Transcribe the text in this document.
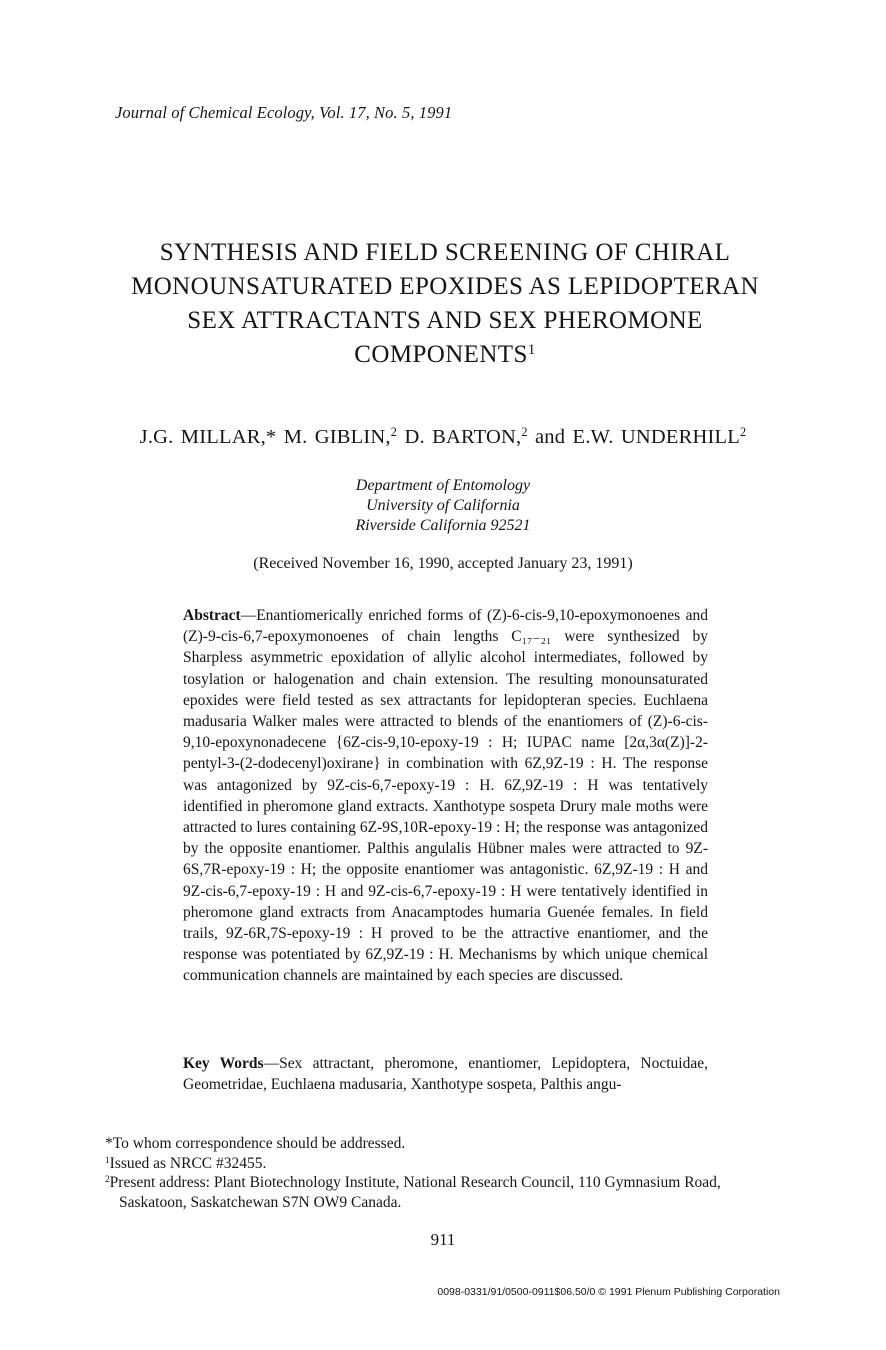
Journal of Chemical Ecology, Vol. 17, No. 5, 1991
SYNTHESIS AND FIELD SCREENING OF CHIRAL
MONOUNSATURATED EPOXIDES AS LEPIDOPTERAN
SEX ATTRACTANTS AND SEX PHEROMONE
COMPONENTS$^1$
J.G. MILLAR,* M. GIBLIN,$^2$ D. BARTON,$^2$ and E.W. UNDERHILL$^2$
Department of Entomology
University of California
Riverside California 92521
(Received November 16, 1990, accepted January 23, 1991)
Abstract—Enantiomerically enriched forms of (Z)-6-cis-9,10-epoxymonoenes and (Z)-9-cis-6,7-epoxymonoenes of chain lengths C₁₇₋₂₁ were synthesized by Sharpless asymmetric epoxidation of allylic alcohol intermediates, followed by tosylation or halogenation and chain extension. The resulting monounsaturated epoxides were field tested as sex attractants for lepidopteran species. Euchlaena madusaria Walker males were attracted to blends of the enantiomers of (Z)-6-cis-9,10-epoxynonadecene {6Z-cis-9,10-epoxy-19 : H; IUPAC name [2α,3α(Z)]-2-pentyl-3-(2-dodecenyl)oxirane} in combination with 6Z,9Z-19 : H. The response was antagonized by 9Z-cis-6,7-epoxy-19 : H. 6Z,9Z-19 : H was tentatively identified in pheromone gland extracts. Xanthotype sospeta Drury male moths were attracted to lures containing 6Z-9S,10R-epoxy-19 : H; the response was antagonized by the opposite enantiomer. Palthis angulalis Hübner males were attracted to 9Z-6S,7R-epoxy-19 : H; the opposite enantiomer was antagonistic. 6Z,9Z-19 : H and 9Z-cis-6,7-epoxy-19 : H and 9Z-cis-6,7-epoxy-19 : H were tentatively identified in pheromone gland extracts from Anacamptodes humaria Guenée females. In field trails, 9Z-6R,7S-epoxy-19 : H proved to be the attractive enantiomer, and the response was potentiated by 6Z,9Z-19 : H. Mechanisms by which unique chemical communication channels are maintained by each species are discussed.
Key Words—Sex attractant, pheromone, enantiomer, Lepidoptera, Noctuidae, Geometridae, Euchlaena madusaria, Xanthotype sospeta, Palthis angu-
*To whom correspondence should be addressed.
$^1$Issued as NRCC #32455.
$^2$Present address: Plant Biotechnology Institute, National Research Council, 110 Gymnasium Road,
Saskatoon, Saskatchewan S7N OW9 Canada.
911
0098-0331/91/0500-0911$06.50/0 © 1991 Plenum Publishing Corporation
